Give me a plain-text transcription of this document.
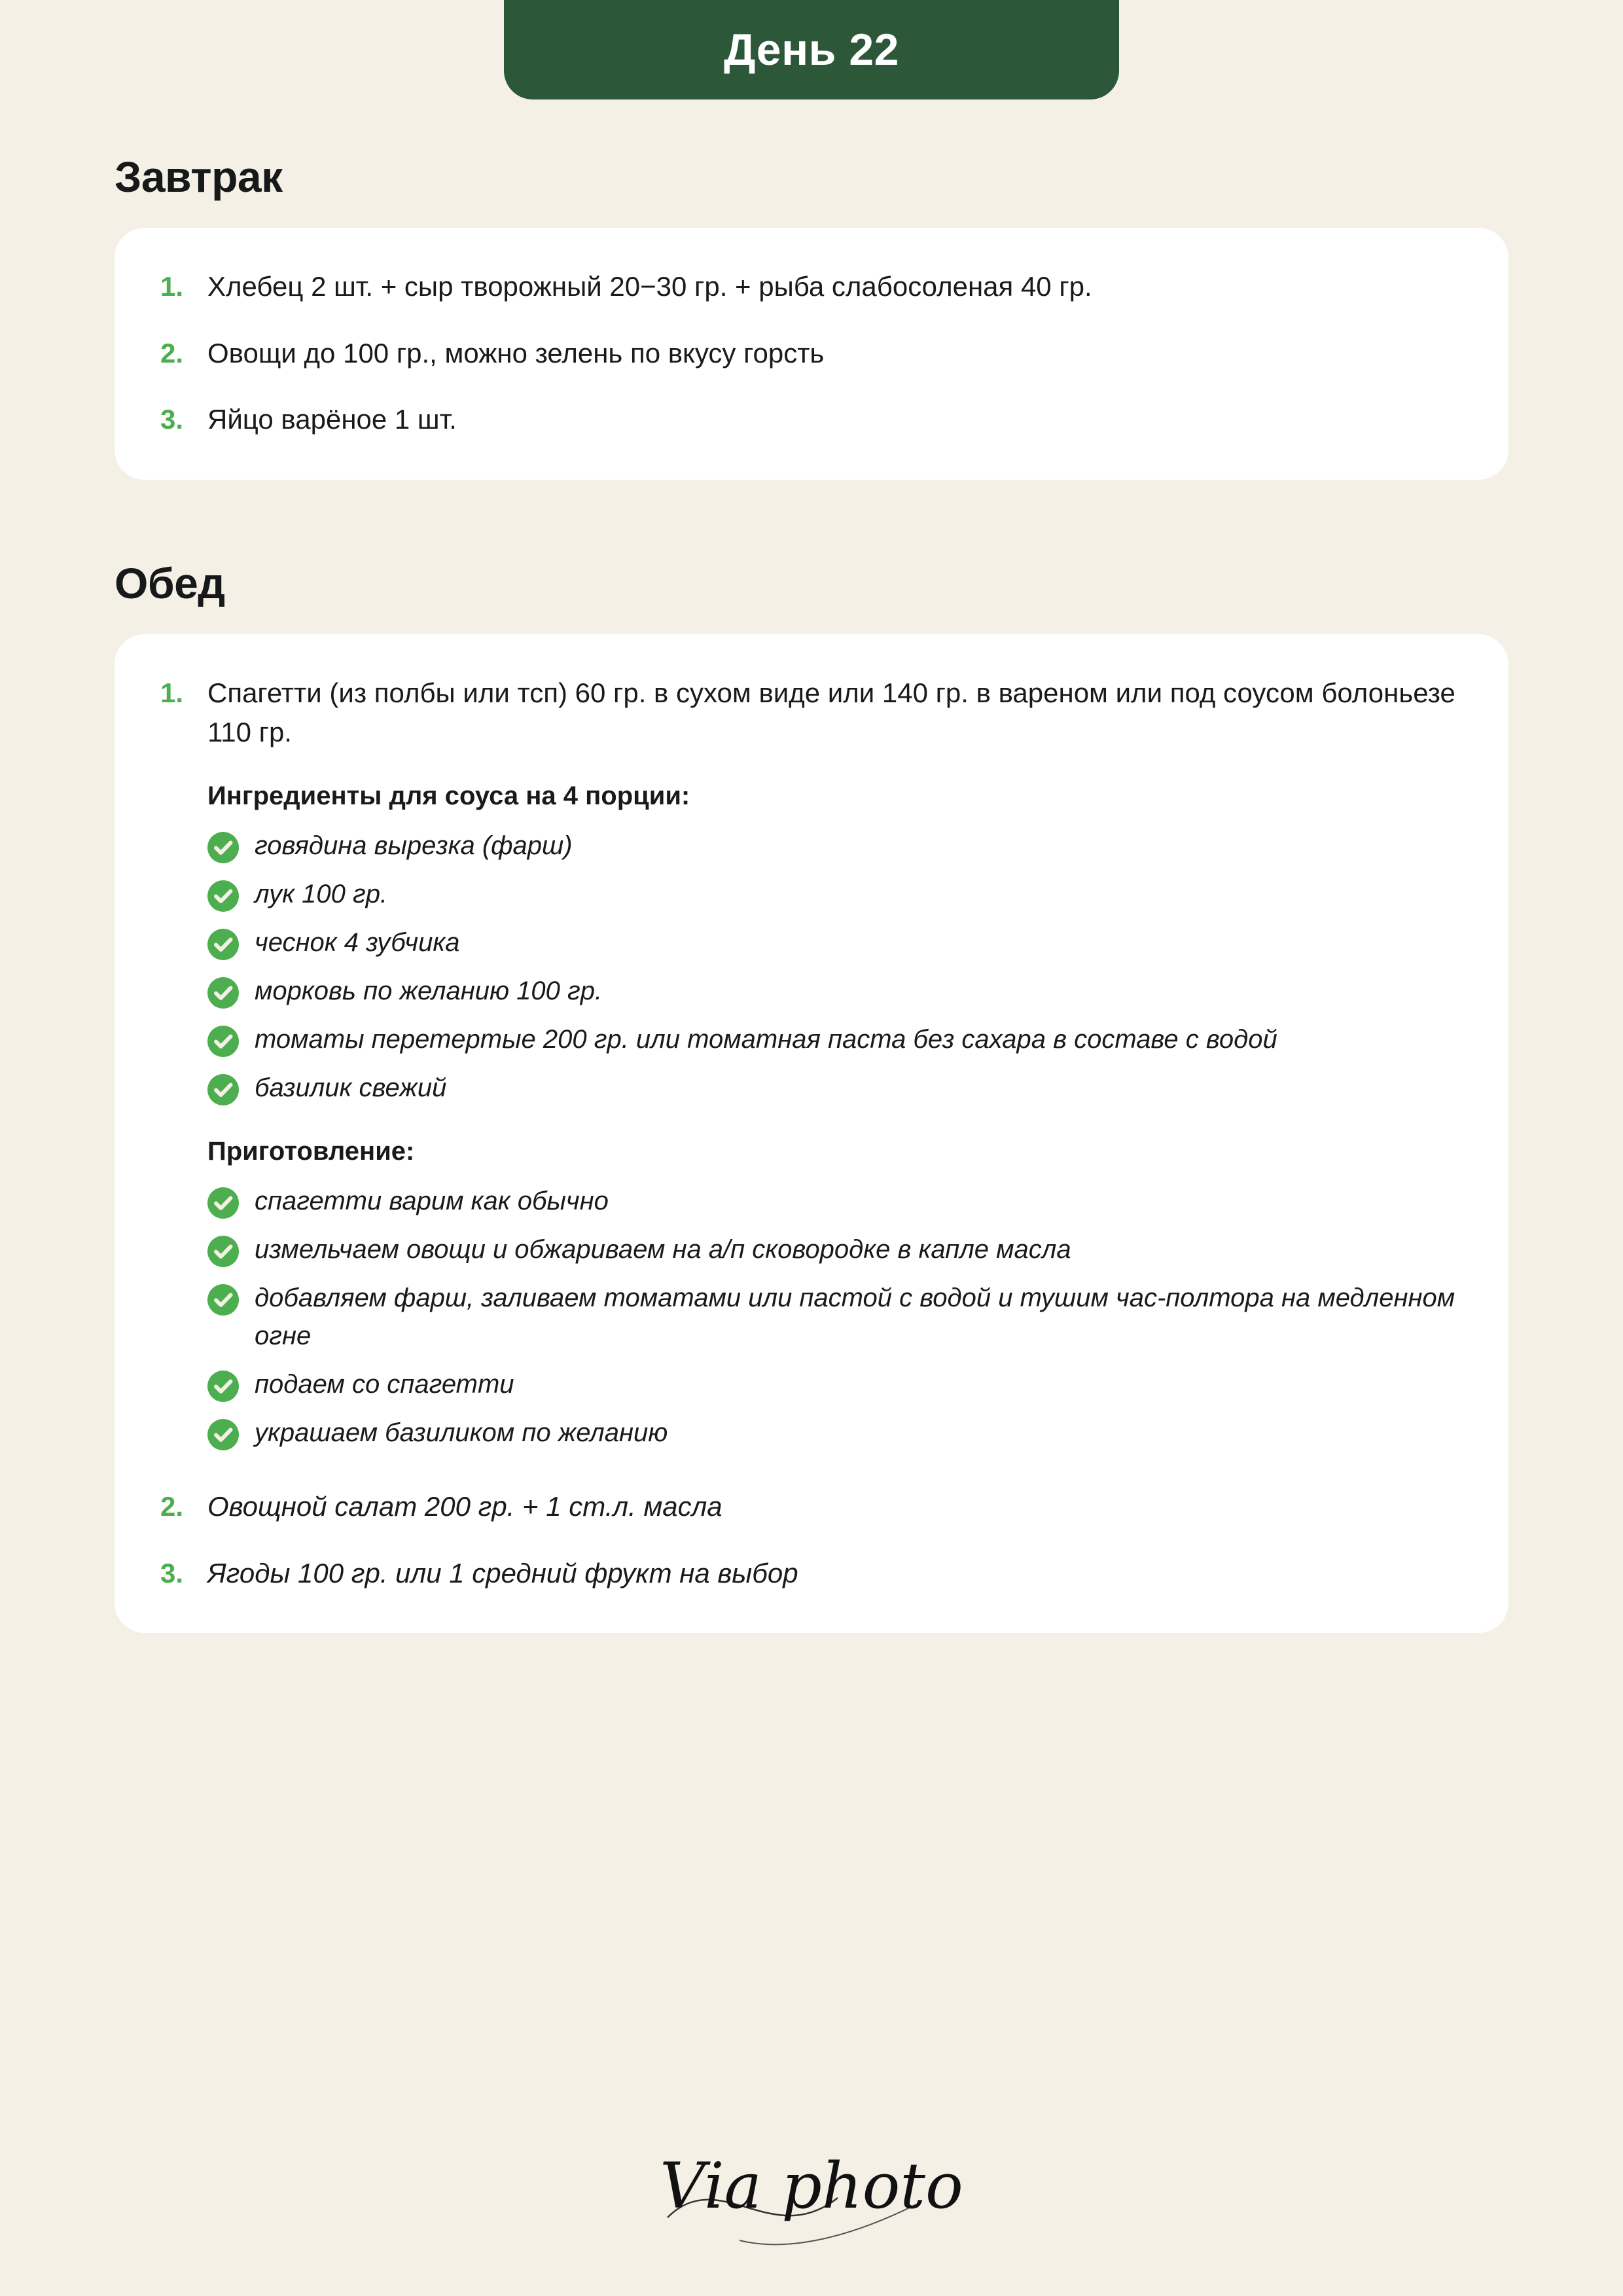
День 22
Завтрак
1. Хлебец 2 шт. + сыр творожный 20−30 гр. + рыба слабосоленая 40 гр.
2. Овощи до 100 гр., можно зелень по вкусу горсть
3. Яйцо варёное 1 шт.
Обед
1. Спагетти (из полбы или тсп) 60 гр. в сухом виде или 140 гр. в вареном или под соусом болоньезе 110 гр.
Ингредиенты для соуса на 4 порции:
говядина вырезка (фарш)
лук 100 гр.
чеснок 4 зубчика
морковь по желанию 100 гр.
томаты перетертые 200 гр. или томатная паста без сахара в составе с водой
базилик свежий
Приготовление:
спагетти варим как обычно
измельчаем овощи и обжариваем на а/п сковородке в капле масла
добавляем фарш, заливаем томатами или пастой с водой и тушим час-полтора на медленном огне
подаем со спагетти
украшаем базиликом по желанию
2. Овощной салат 200 гр. + 1 ст.л. масла
3. Ягоды 100 гр. или 1 средний фрукт на выбор
Via photo
